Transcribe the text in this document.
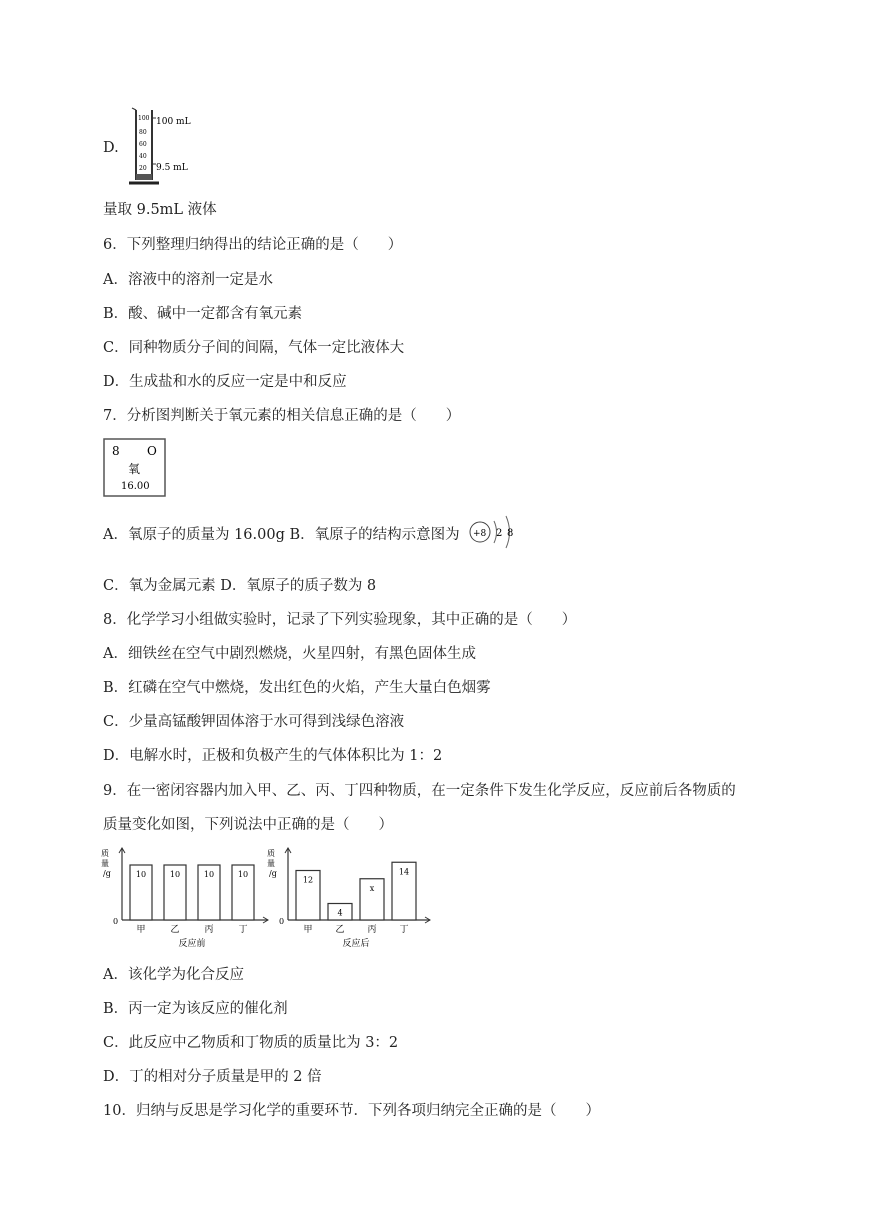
D.
100
80
60
40
20
100 mL
9.5 mL
量取 9.5mL 液体
6．下列整理归纳得出的结论正确的是（　　）
A．溶液中的溶剂一定是水
B．酸、碱中一定都含有氧元素
C．同种物质分子间的间隔，气体一定比液体大
D．生成盐和水的反应一定是中和反应
7．分析图判断关于氧元素的相关信息正确的是（　　）
8 O
氧
16.00
A．氧原子的质量为 16.00g B．氧原子的结构示意图为 +8 2 8
C．氧为金属元素 D．氧原子的质子数为 8
8．化学学习小组做实验时，记录了下列实验现象，其中正确的是（　　）
A．细铁丝在空气中剧烈燃烧，火星四射，有黑色固体生成
B．红磷在空气中燃烧，发出红色的火焰，产生大量白色烟雾
C．少量高锰酸钾固体溶于水可得到浅绿色溶液
D．电解水时，正极和负极产生的气体体积比为 1：2
9．在一密闭容器内加入甲、乙、丙、丁四种物质，在一定条件下发生化学反应，反应前后各物质的
质量变化如图，下列说法中正确的是（　　）
0
质
量
/g	10
甲
10
乙
10
丙
10
丁
反应前
0
质
量
/g
12
甲
4
乙
x
丙
14
丁
反应后
A．该化学为化合反应
B．丙一定为该反应的催化剂
C．此反应中乙物质和丁物质的质量比为 3：2
D．丁的相对分子质量是甲的 2 倍
10．归纳与反思是学习化学的重要环节．下列各项归纳完全正确的是（　　）
